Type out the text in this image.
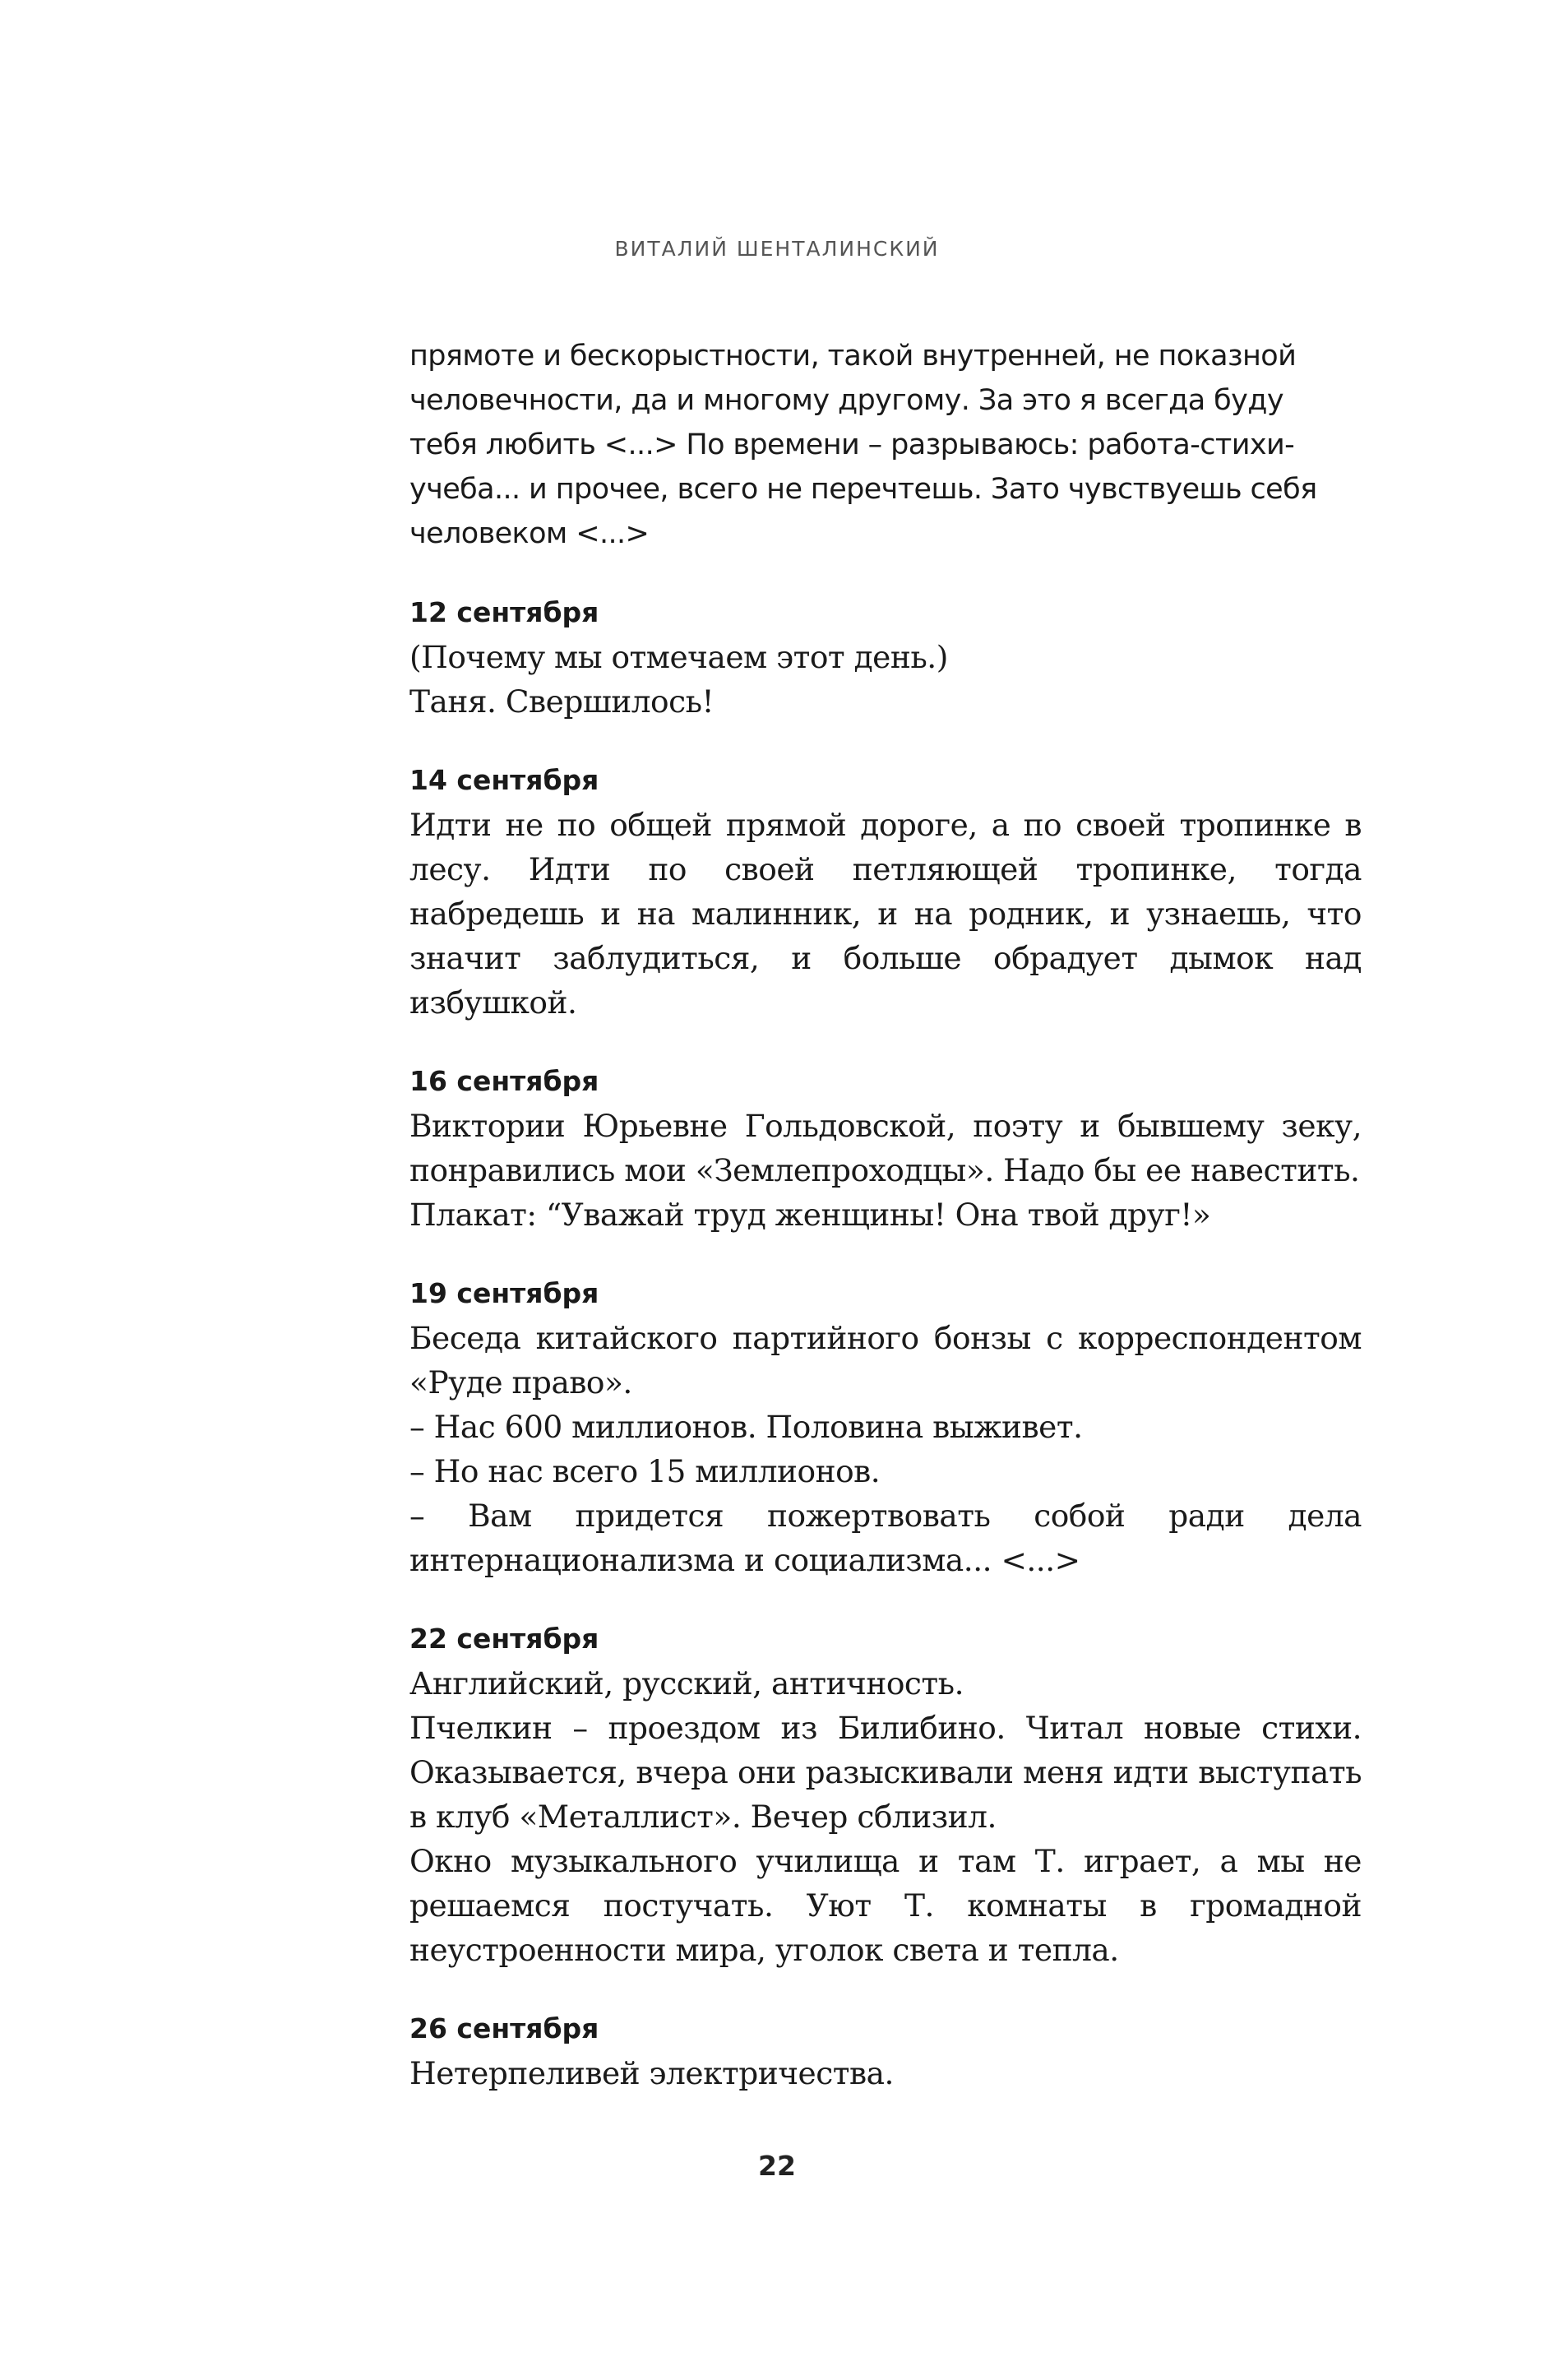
ВИТАЛИЙ ШЕНТАЛИНСКИЙ

прямоте и бескорыстности, такой внутренней, не показной

человечности, да и многому другому. За это я всегда буду

тебя любить <...> По времени – разрываюсь: работа-стихи-

учеба... и прочее, всего не перечтешь. Зато чувствуешь себя

человеком <...>

12 сентября

(Почему мы отмечаем этот день.)

Таня. Свершилось!

14 сентября

Идти не по общей прямой дороге, а по своей тропинке в лесу. Идти по своей петляющей тропинке, тогда набредешь и на малинник, и на родник, и узнаешь, что значит заблудиться, и больше обрадует дымок над избушкой.

16 сентября

Виктории Юрьевне Гольдовской, поэту и бывшему зеку, понравились мои «Землепроходцы». Надо бы ее навестить.

Плакат: “Уважай труд женщины! Она твой друг!»

19 сентября

Беседа китайского партийного бонзы с корреспондентом «Руде право».

– Нас 600 миллионов. Половина выживет.

– Но нас всего 15 миллионов.

– Вам придется пожертвовать собой ради дела интернационализма и социализма... <...>

22 сентября

Английский, русский, античность.

Пчелкин – проездом из Билибино. Читал новые стихи. Оказывается, вчера они разыскивали меня идти выступать в клуб «Металлист». Вечер сблизил.

Окно музыкального училища и там Т. играет, а мы не решаемся постучать. Уют Т. комнаты в громадной неустроенности мира, уголок света и тепла.

26 сентября

Нетерпеливей электричества.

22
